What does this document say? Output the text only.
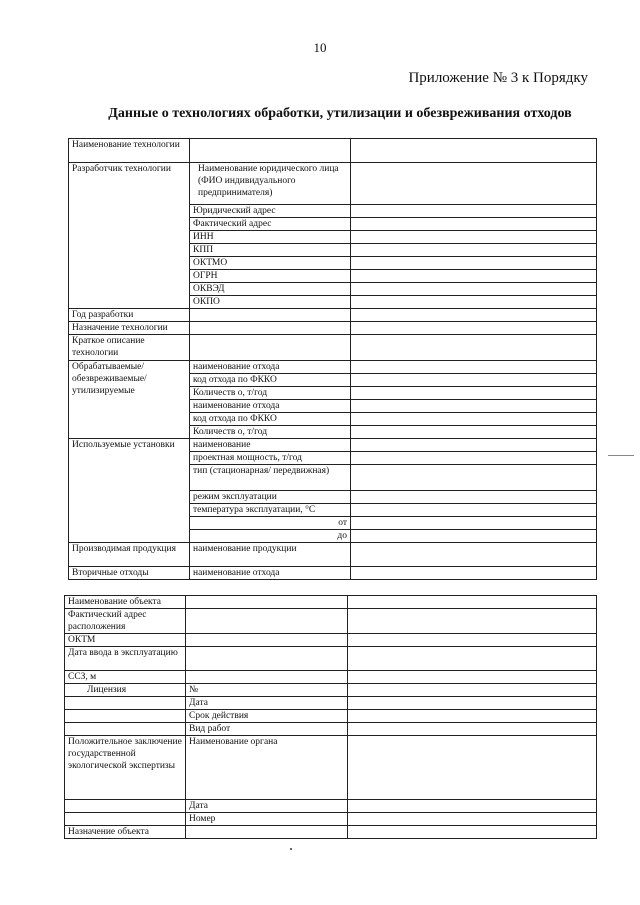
10
Приложение № 3 к Порядку
Данные о технологиях обработки, утилизации и обезвреживания отходов
Наименование технологии		
Разработчик технологии	Наименование юридического лица (ФИО индивидуального предпринимателя)	
	Юридический адрес	
	Фактический адрес	
	ИНН	
	КПП	
	ОКТМО	
	ОГРН	
	ОКВЭД	
	ОКПО	
Год разработки		
Назначение технологии		
Краткое описание технологии		
Обрабатываемые/ обезвреживаемые/ утилизируемые	наименование отхода	
	код отхода по ФККО	
	Количеств о, т/год	
	наименование отхода	
	код отхода по ФККО	
	Количеств о, т/год	
Используемые установки	наименование	
	проектная мощность, т/год	
	тип (стационарная/ передвижная)	
	режим эксплуатации	
	температура эксплуатации, °С	
	от	
	до	
Производимая продукция	наименование продукции	
Вторичные отходы	наименование отхода	
Наименование объекта		
Фактический адрес расположения		
ОКТМ		
Дата ввода в эксплуатацию		
ССЗ, м		
Лицензия	№	
	Дата	
	Срок действия	
	Вид работ	
Положительное заключение государственной экологической экспертизы	Наименование органа	
	Дата	
	Номер	
Назначение объекта		
